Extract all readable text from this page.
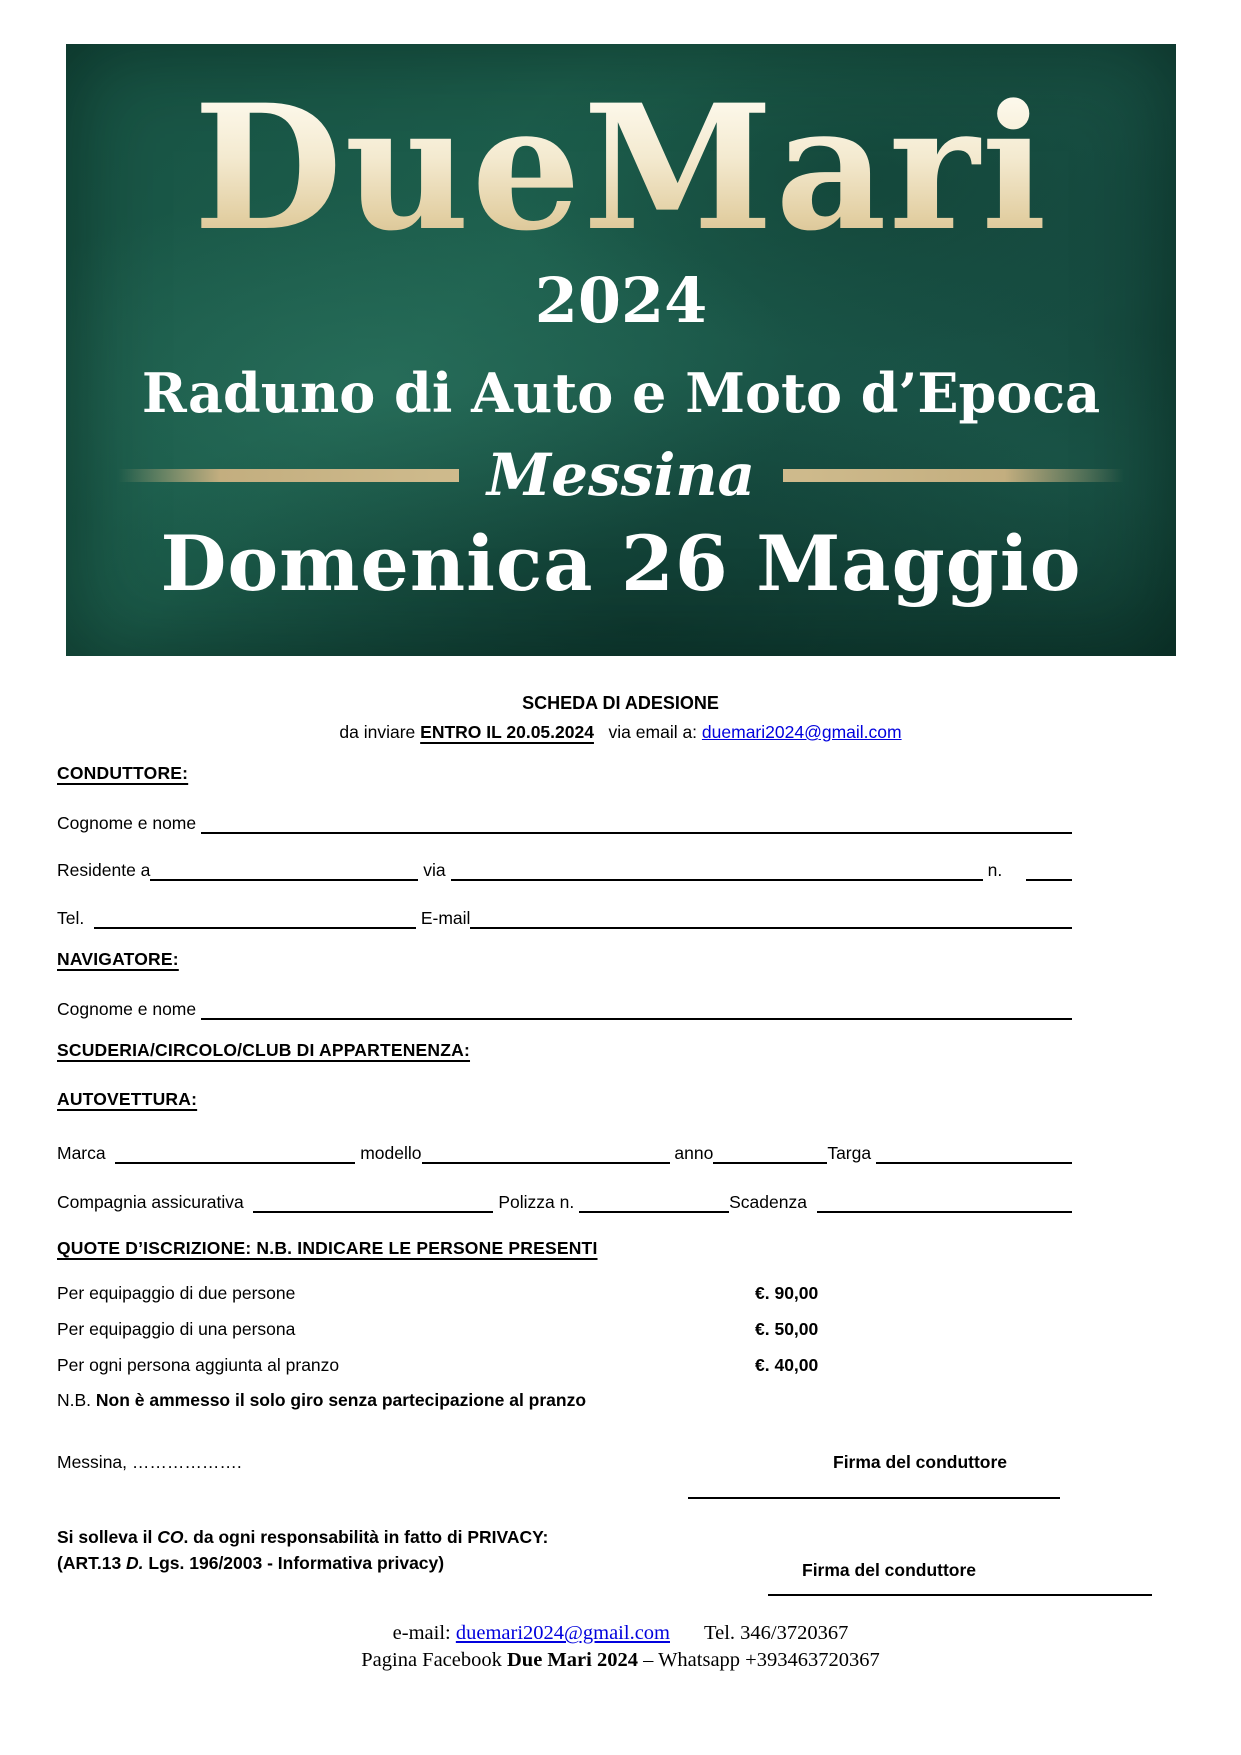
DueMari
2024
Raduno di Auto e Moto d’Epoca
Messina
Domenica 26 Maggio
SCHEDA DI ADESIONE
da inviare ENTRO IL 20.05.2024   via email a: duemari2024@gmail.com
CONDUTTORE:
Cognome e nome
Residente a	via	n.
Tel.	E-mail
NAVIGATORE:
Cognome e nome
SCUDERIA/CIRCOLO/CLUB DI APPARTENENZA:
AUTOVETTURA:
Marca	modello	anno	Targa
Compagnia assicurativa	Polizza n.	Scadenza
QUOTE D’ISCRIZIONE: N.B. INDICARE LE PERSONE PRESENTI
Per equipaggio di due persone	€. 90,00
Per equipaggio di una persona	€. 50,00
Per ogni persona aggiunta al pranzo	€. 40,00
N.B. Non è ammesso il solo giro senza partecipazione al pranzo
Messina, ……………….	Firma del conduttore
Si solleva il CO. da ogni responsabilità in fatto di PRIVACY:
(ART.13 D. Lgs. 196/2003 - Informativa privacy)	Firma del conduttore
e-mail: duemari2024@gmail.com Tel. 346/3720367
Pagina Facebook Due Mari 2024 – Whatsapp +393463720367
